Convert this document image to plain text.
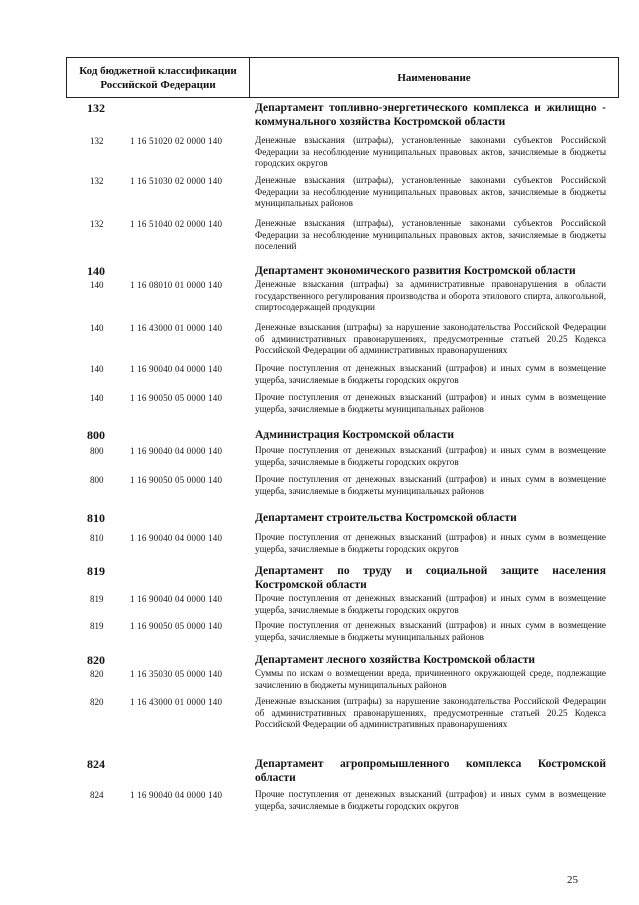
Код бюджетной классификации Российской Федерации
Наименование
132	Департамент топливно-энергетического комплекса и жилищно - коммунального хозяйства Костромской области
132	1 16 51020 02 0000 140	Денежные взыскания (штрафы), установленные законами субъектов Российской Федерации за несоблюдение муниципальных правовых актов, зачисляемые в бюджеты городских округов
132	1 16 51030 02 0000 140	Денежные взыскания (штрафы), установленные законами субъектов Российской Федерации за несоблюдение муниципальных правовых актов, зачисляемые в бюджеты муниципальных районов
132	1 16 51040 02 0000 140	Денежные взыскания (штрафы), установленные законами субъектов Российской Федерации за несоблюдение муниципальных правовых актов, зачисляемые в бюджеты поселений
140	Департамент экономического развития Костромской области
140	1 16 08010 01 0000 140	Денежные взыскания (штрафы) за административные правонарушения в области государственного регулирования производства и оборота этилового спирта, алкогольной, спиртосодержащей продукции
140	1 16 43000 01 0000 140	Денежные взыскания (штрафы) за нарушение законодательства Российской Федерации об административных правонарушениях, предусмотренные статьей 20.25 Кодекса Российской Федерации об административных правонарушениях
140	1 16 90040 04 0000 140	Прочие поступления от денежных взысканий (штрафов) и иных сумм в возмещение ущерба, зачисляемые в бюджеты городских округов
140	1 16 90050 05 0000 140	Прочие поступления от денежных взысканий (штрафов) и иных сумм в возмещение ущерба, зачисляемые в бюджеты муниципальных районов
800	Администрация Костромской области
800	1 16 90040 04 0000 140	Прочие поступления от денежных взысканий (штрафов) и иных сумм в возмещение ущерба, зачисляемые в бюджеты городских округов
800	1 16 90050 05 0000 140	Прочие поступления от денежных взысканий (штрафов) и иных сумм в возмещение ущерба, зачисляемые в бюджеты муниципальных районов
810	Департамент строительства Костромской области
810	1 16 90040 04 0000 140	Прочие поступления от денежных взысканий (штрафов) и иных сумм в возмещение ущерба, зачисляемые в бюджеты городских округов
819	Департамент по труду и социальной защите населения Костромской области
819	1 16 90040 04 0000 140	Прочие поступления от денежных взысканий (штрафов) и иных сумм в возмещение ущерба, зачисляемые в бюджеты городских округов
819	1 16 90050 05 0000 140	Прочие поступления от денежных взысканий (штрафов) и иных сумм в возмещение ущерба, зачисляемые в бюджеты муниципальных районов
820	Департамент лесного хозяйства Костромской области
820	1 16 35030 05 0000 140	Суммы по искам о возмещении вреда, причиненного окружающей среде, подлежащие зачислению в бюджеты муниципальных районов
820	1 16 43000 01 0000 140	Денежные взыскания (штрафы) за нарушение законодательства Российской Федерации об административных правонарушениях, предусмотренные статьей 20.25 Кодекса Российской Федерации об административных правонарушениях
824	Департамент агропромышленного комплекса Костромской области
824	1 16 90040 04 0000 140	Прочие поступления от денежных взысканий (штрафов) и иных сумм в возмещение ущерба, зачисляемые в бюджеты городских округов
25
